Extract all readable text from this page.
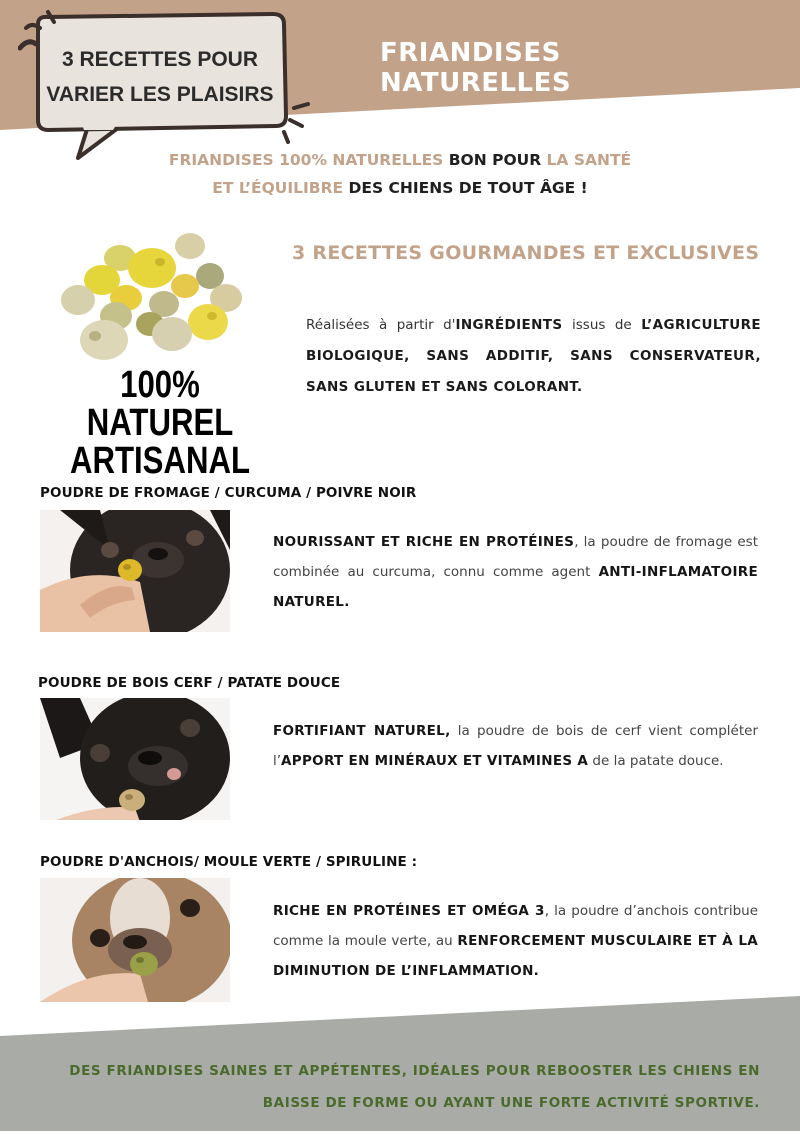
FRIANDISES NATURELLES
3 RECETTES POUR
VARIER LES PLAISIRS
FRIANDISES 100% NATURELLES BON POUR LA SANTÉ
ET L’ÉQUILIBRE DES CHIENS DE TOUT ÂGE !
100% NATUREL
ARTISANAL
3 RECETTES GOURMANDES ET EXCLUSIVES
Réalisées à partir d'INGRÉDIENTS issus de L’AGRICULTURE BIOLOGIQUE, SANS ADDITIF, SANS CONSERVATEUR, SANS GLUTEN ET SANS COLORANT.
POUDRE DE FROMAGE / CURCUMA / POIVRE NOIR
NOURISSANT ET RICHE EN PROTÉINES, la poudre de fromage est combinée au curcuma, connu comme agent ANTI-INFLAMATOIRE NATUREL.
POUDRE DE BOIS CERF / PATATE DOUCE
FORTIFIANT NATUREL, la poudre de bois de cerf vient compléter l’APPORT EN MINÉRAUX ET VITAMINES A de la patate douce.
POUDRE D'ANCHOIS/ MOULE VERTE / SPIRULINE :
RICHE EN PROTÉINES ET OMÉGA 3, la poudre d’anchois contribue comme la moule verte, au RENFORCEMENT MUSCULAIRE ET À LA DIMINUTION DE L’INFLAMMATION.
DES FRIANDISES SAINES ET APPÉTENTES, IDÉALES POUR REBOOSTER LES CHIENS EN
BAISSE DE FORME OU AYANT UNE FORTE ACTIVITÉ SPORTIVE.
